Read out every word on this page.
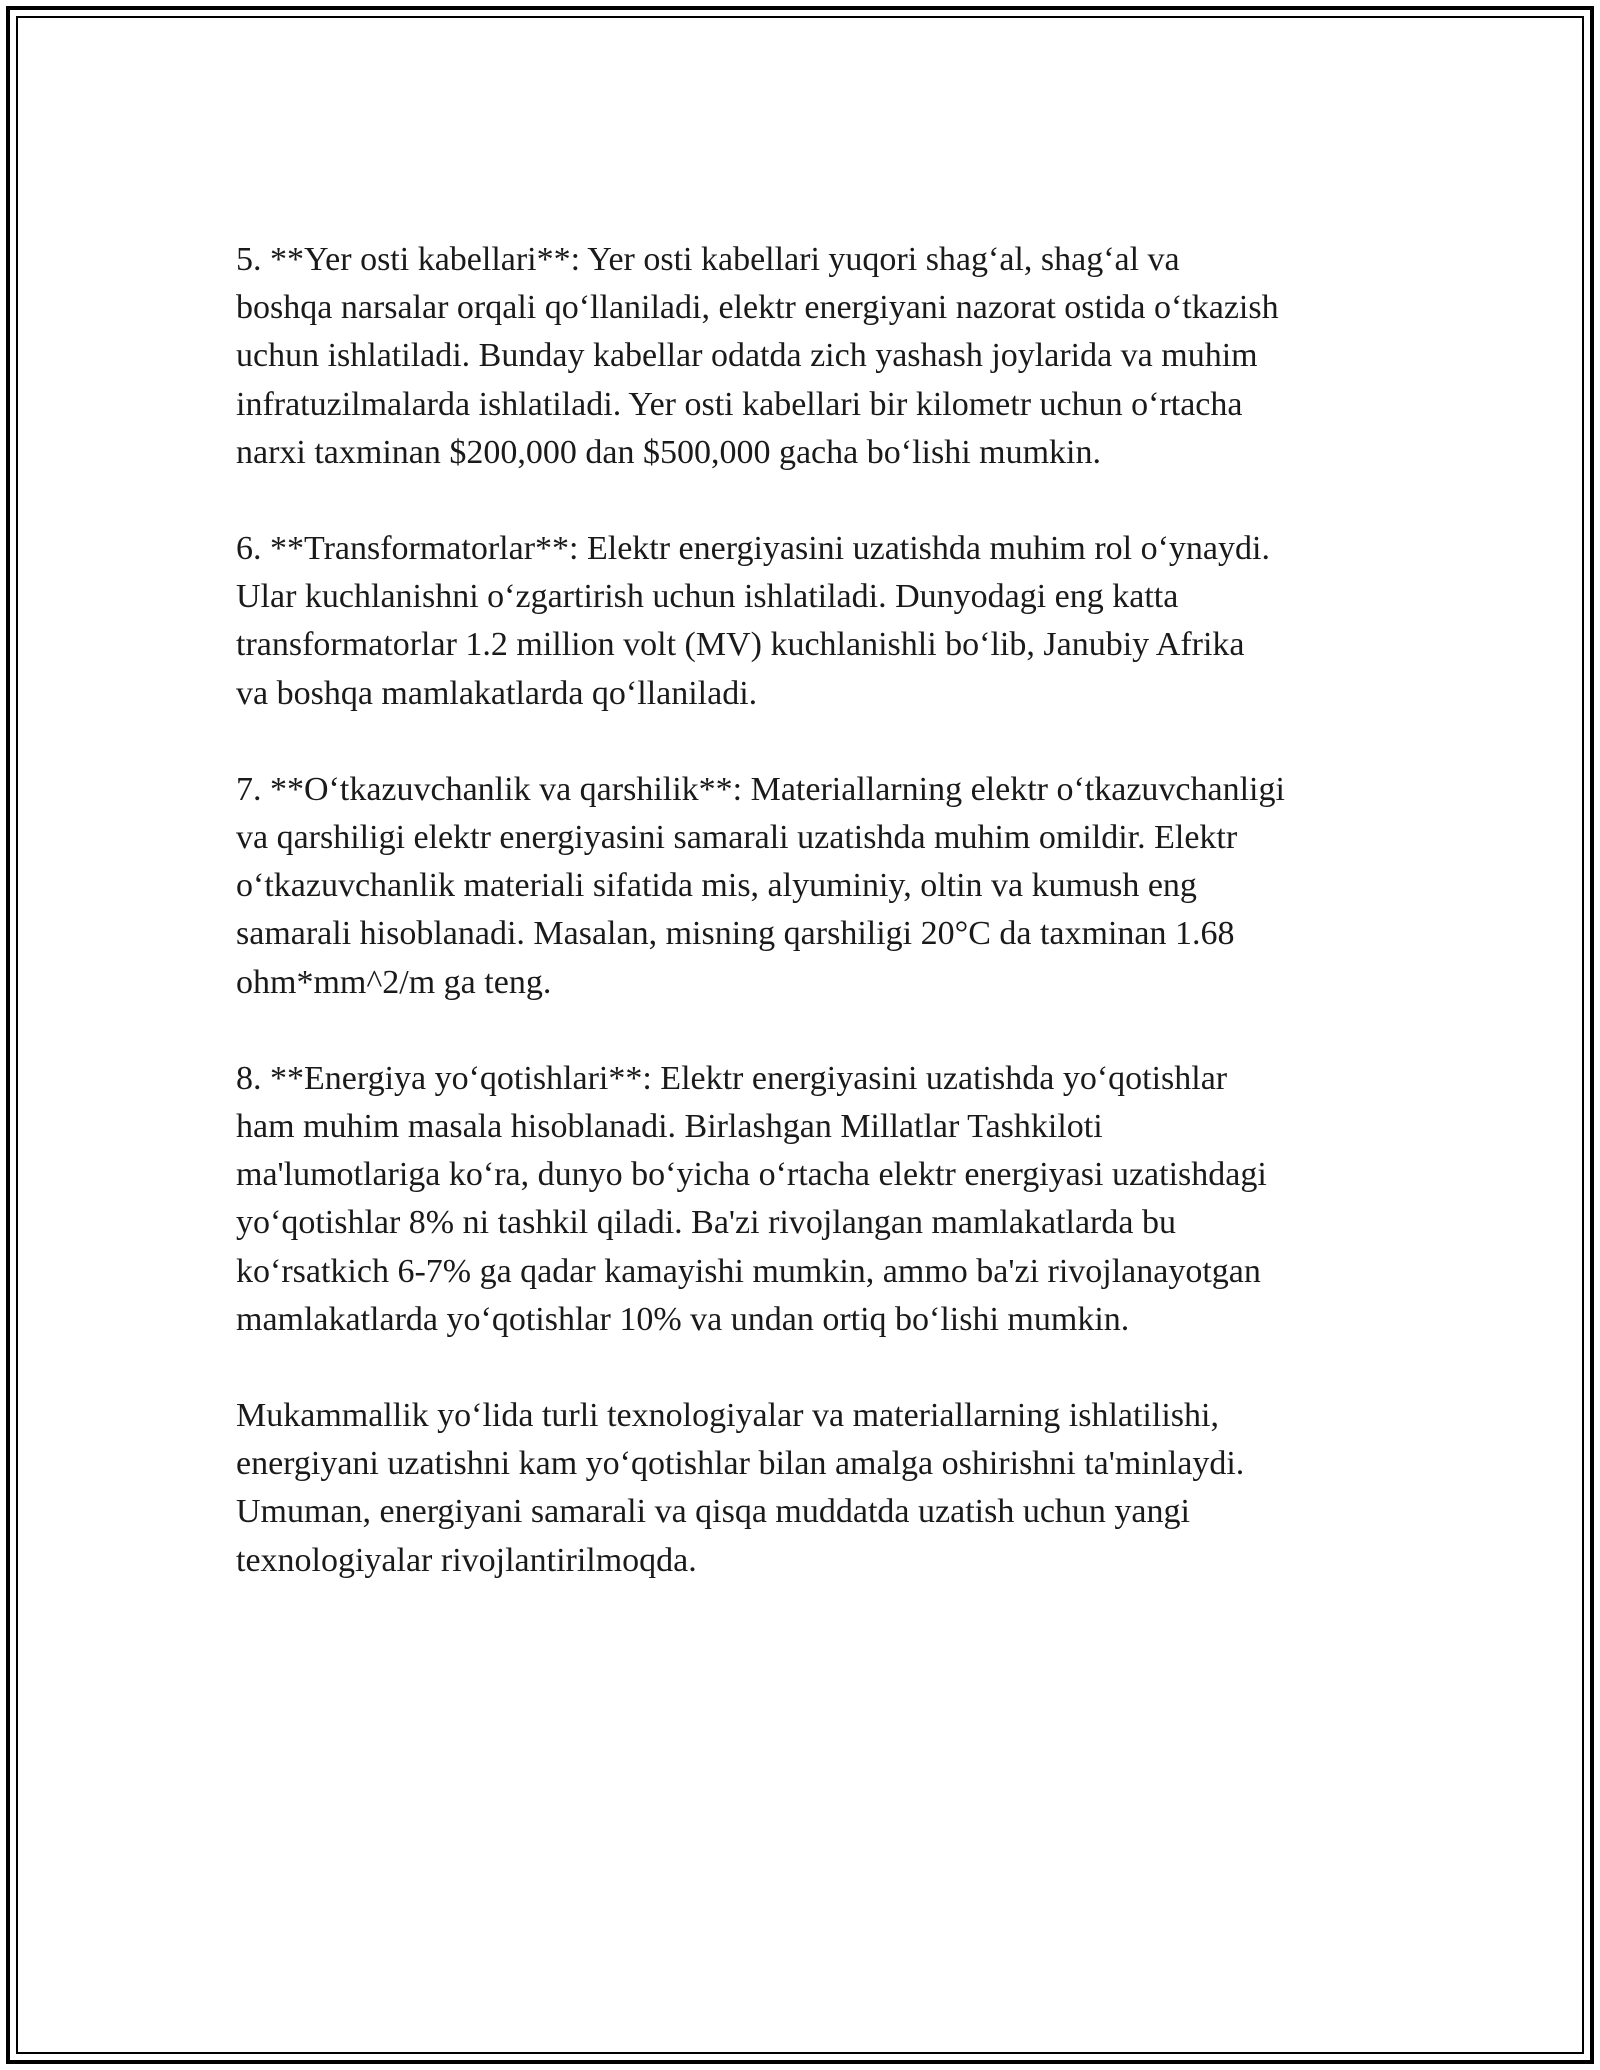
5. **Yer osti kabellari**: Yer osti kabellari yuqori shag‘al, shag‘al va
boshqa narsalar orqali qo‘llaniladi, elektr energiyani nazorat ostida o‘tkazish
uchun ishlatiladi. Bunday kabellar odatda zich yashash joylarida va muhim
infratuzilmalarda ishlatiladi. Yer osti kabellari bir kilometr uchun o‘rtacha
narxi taxminan $200,000 dan $500,000 gacha bo‘lishi mumkin.

6. **Transformatorlar**: Elektr energiyasini uzatishda muhim rol o‘ynaydi.
Ular kuchlanishni o‘zgartirish uchun ishlatiladi. Dunyodagi eng katta
transformatorlar 1.2 million volt (MV) kuchlanishli bo‘lib, Janubiy Afrika
va boshqa mamlakatlarda qo‘llaniladi.

7. **O‘tkazuvchanlik va qarshilik**: Materiallarning elektr o‘tkazuvchanligi
va qarshiligi elektr energiyasini samarali uzatishda muhim omildir. Elektr
o‘tkazuvchanlik materiali sifatida mis, alyuminiy, oltin va kumush eng
samarali hisoblanadi. Masalan, misning qarshiligi 20°C da taxminan 1.68
ohm*mm^2/m ga teng.

8. **Energiya yo‘qotishlari**: Elektr energiyasini uzatishda yo‘qotishlar
ham muhim masala hisoblanadi. Birlashgan Millatlar Tashkiloti
ma'lumotlariga ko‘ra, dunyo bo‘yicha o‘rtacha elektr energiyasi uzatishdagi
yo‘qotishlar 8% ni tashkil qiladi. Ba'zi rivojlangan mamlakatlarda bu
ko‘rsatkich 6-7% ga qadar kamayishi mumkin, ammo ba'zi rivojlanayotgan
mamlakatlarda yo‘qotishlar 10% va undan ortiq bo‘lishi mumkin.

Mukammallik yo‘lida turli texnologiyalar va materiallarning ishlatilishi,
energiyani uzatishni kam yo‘qotishlar bilan amalga oshirishni ta'minlaydi.
Umuman, energiyani samarali va qisqa muddatda uzatish uchun yangi
texnologiyalar rivojlantirilmoqda.
